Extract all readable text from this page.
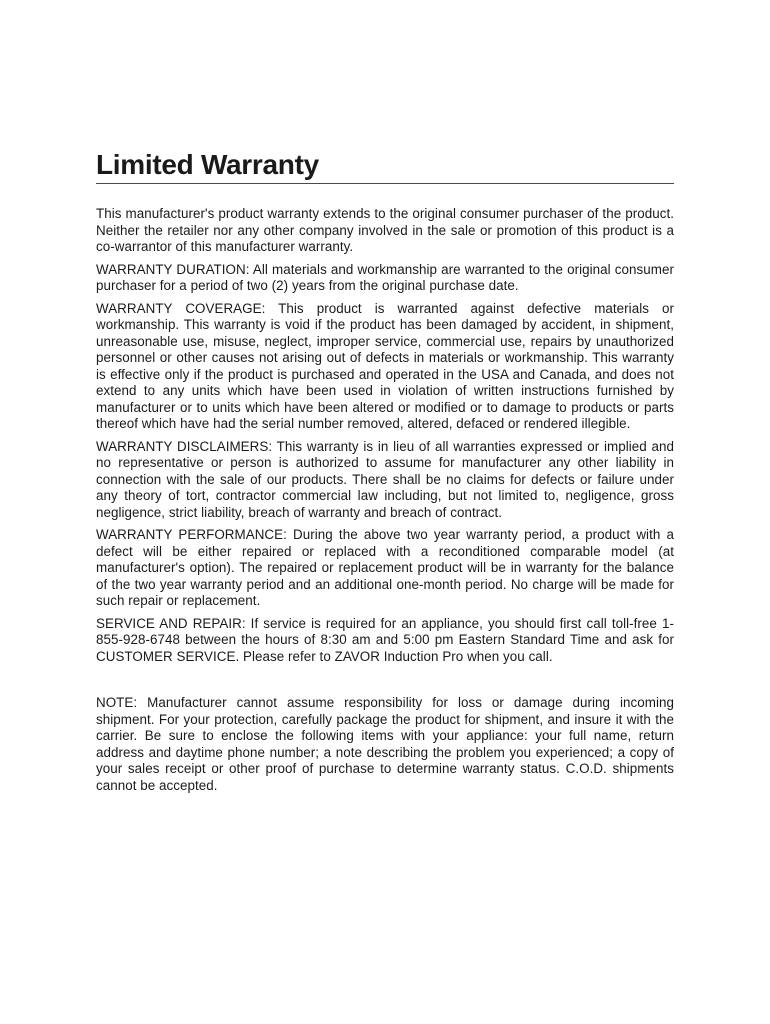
Limited Warranty

This manufacturer's product warranty extends to the original consumer purchaser of the product. Neither the retailer nor any other company involved in the sale or promotion of this product is a co-warrantor of this manufacturer warranty.

WARRANTY DURATION: All materials and workmanship are warranted to the original consumer purchaser for a period of two (2) years from the original purchase date.

WARRANTY COVERAGE: This product is warranted against defective materials or workmanship. This warranty is void if the product has been damaged by accident, in shipment, unreasonable use, misuse, neglect, improper service, commercial use, repairs by unauthorized personnel or other causes not arising out of defects in materials or workmanship. This warranty is effective only if the product is purchased and operated in the USA and Canada, and does not extend to any units which have been used in violation of written instructions furnished by manufacturer or to units which have been altered or modified or to damage to products or parts thereof which have had the serial number removed, altered, defaced or rendered illegible.

WARRANTY DISCLAIMERS: This warranty is in lieu of all warranties expressed or implied and no representative or person is authorized to assume for manufacturer any other liability in connection with the sale of our products. There shall be no claims for defects or failure under any theory of tort, contractor commercial law including, but not limited to, negligence, gross negligence, strict liability, breach of warranty and breach of contract.

WARRANTY PERFORMANCE: During the above two year warranty period, a product with a defect will be either repaired or replaced with a reconditioned comparable model (at manufacturer's option). The repaired or replacement product will be in warranty for the balance of the two year warranty period and an additional one-month period. No charge will be made for such repair or replacement.

SERVICE AND REPAIR: If service is required for an appliance, you should first call toll-free 1-855-928-6748 between the hours of 8:30 am and 5:00 pm Eastern Standard Time and ask for CUSTOMER SERVICE. Please refer to ZAVOR Induction Pro when you call.

NOTE: Manufacturer cannot assume responsibility for loss or damage during incoming shipment. For your protection, carefully package the product for shipment, and insure it with the carrier. Be sure to enclose the following items with your appliance: your full name, return address and daytime phone number; a note describing the problem you experienced; a copy of your sales receipt or other proof of purchase to determine warranty status. C.O.D. shipments cannot be accepted.
